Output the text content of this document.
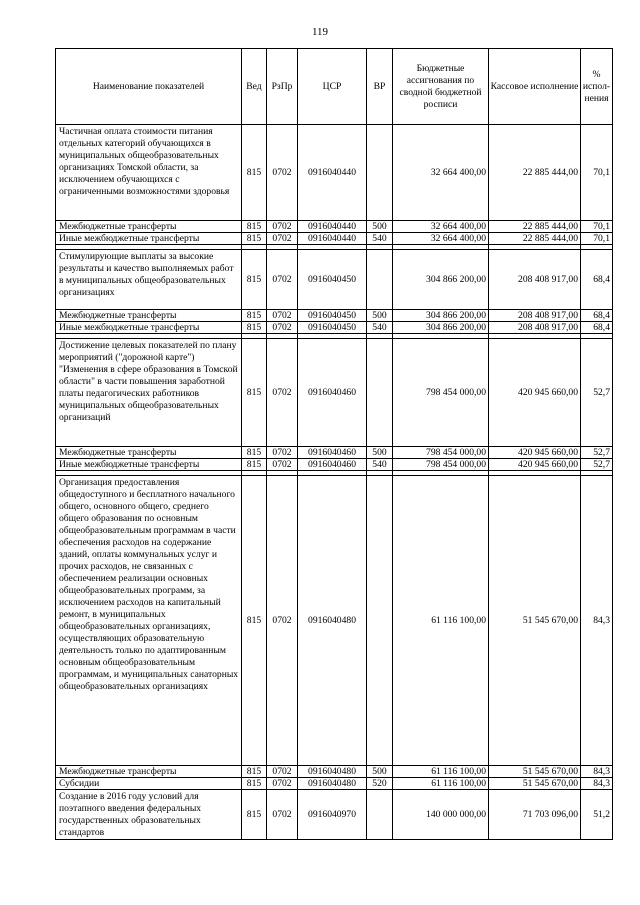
119
Наименование показателей	Вед	РзПр	ЦСР	ВР	Бюджетные ассигнования по сводной бюджетной росписи	Кассовое исполнение	% испол-нения
Частичная оплата стоимости питания отдельных категорий обучающихся в муниципальных общеобразовательных организациях Томской области, за исключением обучающихся с ограниченными возможностями здоровья	815	0702	0916040440		32 664 400,00	22 885 444,00	70,1
Межбюджетные трансферты	815	0702	0916040440	500	32 664 400,00	22 885 444,00	70,1
Иные межбюджетные трансферты	815	0702	0916040440	540	32 664 400,00	22 885 444,00	70,1

Стимулирующие выплаты за высокие результаты и качество выполняемых работ в муниципальных общеобразовательных организациях	815	0702	0916040450		304 866 200,00	208 408 917,00	68,4
Межбюджетные трансферты	815	0702	0916040450	500	304 866 200,00	208 408 917,00	68,4
Иные межбюджетные трансферты	815	0702	0916040450	540	304 866 200,00	208 408 917,00	68,4

Достижение целевых показателей по плану мероприятий ("дорожной карте") "Изменения в сфере образования в Томской области" в части повышения заработной платы педагогических работников муниципальных общеобразовательных организаций	815	0702	0916040460		798 454 000,00	420 945 660,00	52,7
Межбюджетные трансферты	815	0702	0916040460	500	798 454 000,00	420 945 660,00	52,7
Иные межбюджетные трансферты	815	0702	0916040460	540	798 454 000,00	420 945 660,00	52,7

Организация предоставления общедоступного и бесплатного начального общего, основного общего, среднего общего образования по основным общеобразовательным программам в части обеспечения расходов на содержание зданий, оплаты коммунальных услуг и прочих расходов, не связанных с обеспечением реализации основных общеобразовательных программ, за исключением расходов на капитальный ремонт, в муниципальных общеобразовательных организациях, осуществляющих образовательную деятельность только по адаптированным основным общеобразовательным программам, и муниципальных санаторных общеобразовательных организациях	815	0702	0916040480		61 116 100,00	51 545 670,00	84,3
Межбюджетные трансферты	815	0702	0916040480	500	61 116 100,00	51 545 670,00	84,3
Субсидии	815	0702	0916040480	520	61 116 100,00	51 545 670,00	84,3
Создание в 2016 году условий для поэтапного введения федеральных государственных образовательных стандартов	815	0702	0916040970		140 000 000,00	71 703 096,00	51,2
